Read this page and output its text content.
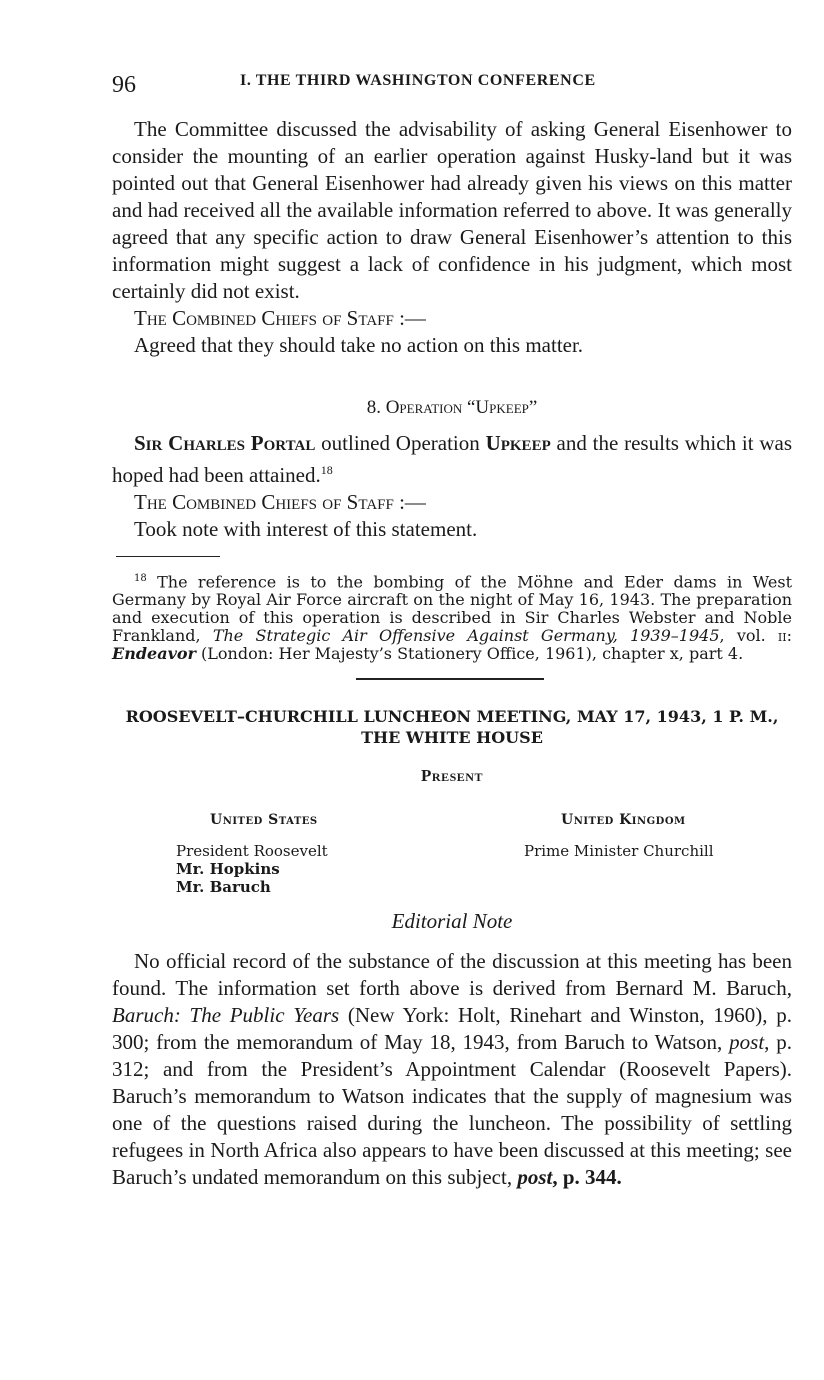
96	I. THE THIRD WASHINGTON CONFERENCE

The Committee discussed the advisability of asking General Eisenhower to consider the mounting of an earlier operation against Husky-land but it was pointed out that General Eisenhower had already given his views on this matter and had received all the available information referred to above. It was generally agreed that any specific action to draw General Eisenhower’s attention to this information might suggest a lack of confidence in his judgment, which most certainly did not exist.

The Combined Chiefs of Staff :—

Agreed that they should take no action on this matter.

8. Operation “Upkeep”

Sir Charles Portal outlined Operation Upkeep and the results which it was hoped had been attained.$^{18}$

The Combined Chiefs of Staff :—

Took note with interest of this statement.

$^{18}$ The reference is to the bombing of the Möhne and Eder dams in West Germany by Royal Air Force aircraft on the night of May 16, 1943. The preparation and execution of this operation is described in Sir Charles Webster and Noble Frankland, The Strategic Air Offensive Against Germany, 1939–1945, vol. ii: Endeavor (London: Her Majesty’s Stationery Office, 1961), chapter x, part 4.

ROOSEVELT–CHURCHILL LUNCHEON MEETING, MAY 17, 1943, 1 P. M.,
THE WHITE HOUSE
Present
United States
President Roosevelt
Mr. Hopkins
Mr. Baruch
United Kingdom
Prime Minister Churchill
Editorial Note

No official record of the substance of the discussion at this meeting has been found. The information set forth above is derived from Bernard M. Baruch, Baruch: The Public Years (New York: Holt, Rinehart and Winston, 1960), p. 300; from the memorandum of May 18, 1943, from Baruch to Watson, post, p. 312; and from the President’s Appointment Calendar (Roosevelt Papers). Baruch’s memorandum to Watson indicates that the supply of magnesium was one of the questions raised during the luncheon. The possibility of settling refugees in North Africa also appears to have been discussed at this meeting; see Baruch’s undated memorandum on this subject, post, p. 344.
